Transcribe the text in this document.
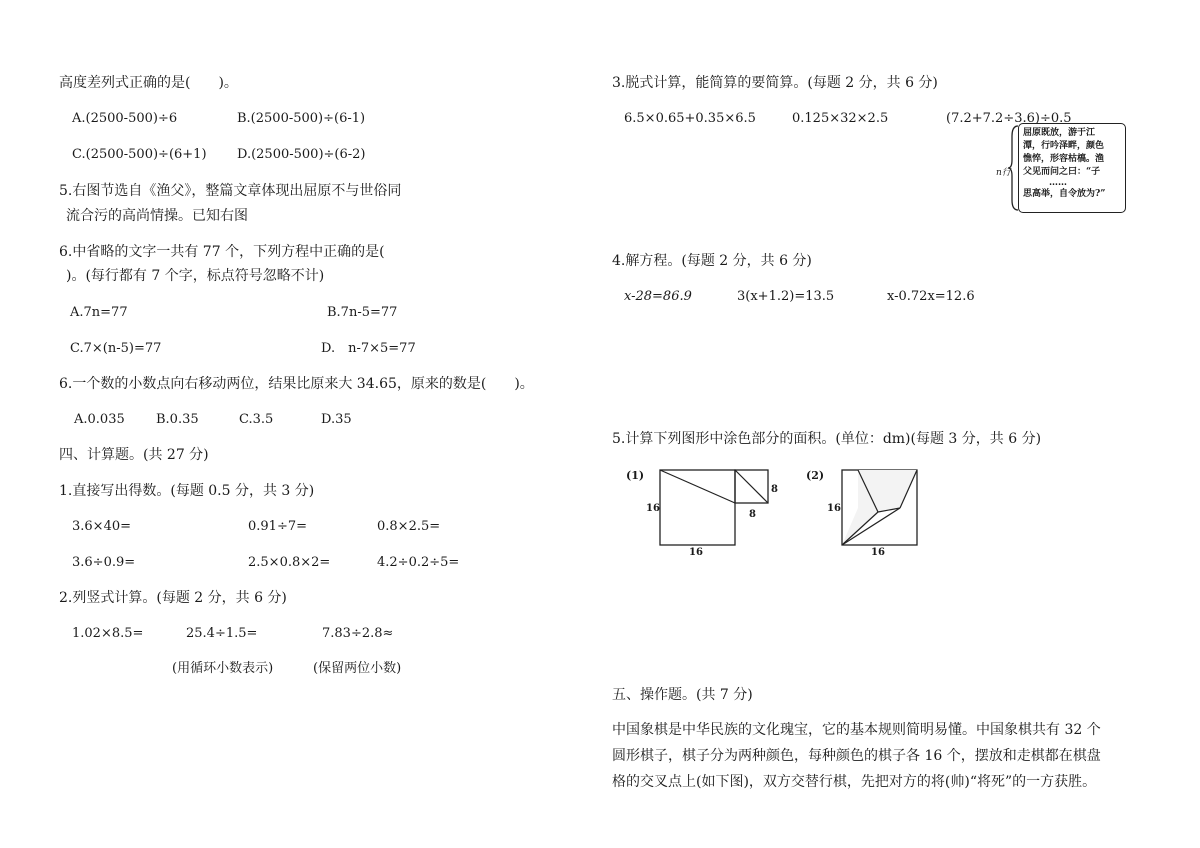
高度差列式正确的是(　　)。
A.(2500-500)÷6	B.(2500-500)÷(6-1)
C.(2500-500)÷(6+1) D.(2500-500)÷(6-2)
5.右图节选自《渔父》，整篇文章体现出屈原不与世俗同
流合污的高尚情操。已知右图
6.中省略的文字一共有 77 个，下列方程中正确的是(
)。(每行都有 7 个字，标点符号忽略不计)
A.7n=77	B.7n-5=77
C.7×(n-5)=77	D.　n-7×5=77
6.一个数的小数点向右移动两位，结果比原来大 34.65，原来的数是(　　)。
A.0.035 B.0.35	C.3.5	D.35
四、计算题。(共 27 分)
1.直接写出得数。(每题 0.5 分，共 3 分)
3.6×40=	0.91÷7=	0.8×2.5=
3.6÷0.9=	2.5×0.8×2=	4.2÷0.2÷5=
2.列竖式计算。(每题 2 分，共 6 分)
1.02×8.5=	25.4÷1.5=	7.83÷2.8≈
(用循环小数表示)	(保留两位小数)
3.脱式计算，能简算的要简算。(每题 2 分，共 6 分)
6.5×0.65+0.35×6.5	0.125×32×2.5	(7.2+7.2÷3.6)÷0.5
n行
屈原既放，游于江
潭，行吟泽畔，颜色
憔悴，形容枯槁。渔
父见而问之曰：“子
……
思高举，自令放为?”
4.解方程。(每题 2 分，共 6 分)
x-28=86.9	3(x+1.2)=13.5	x-0.72x=12.6
5.计算下列图形中涂色部分的面积。(单位：dm)(每题 3 分，共 6 分)
(1)
16
16
8
8
(2)
16
16
五、操作题。(共 7 分)
中国象棋是中华民族的文化瑰宝，它的基本规则简明易懂。中国象棋共有 32 个
圆形棋子，棋子分为两种颜色，每种颜色的棋子各 16 个，摆放和走棋都在棋盘
格的交叉点上(如下图)，双方交替行棋，先把对方的将(帅)“将死”的一方获胜。
